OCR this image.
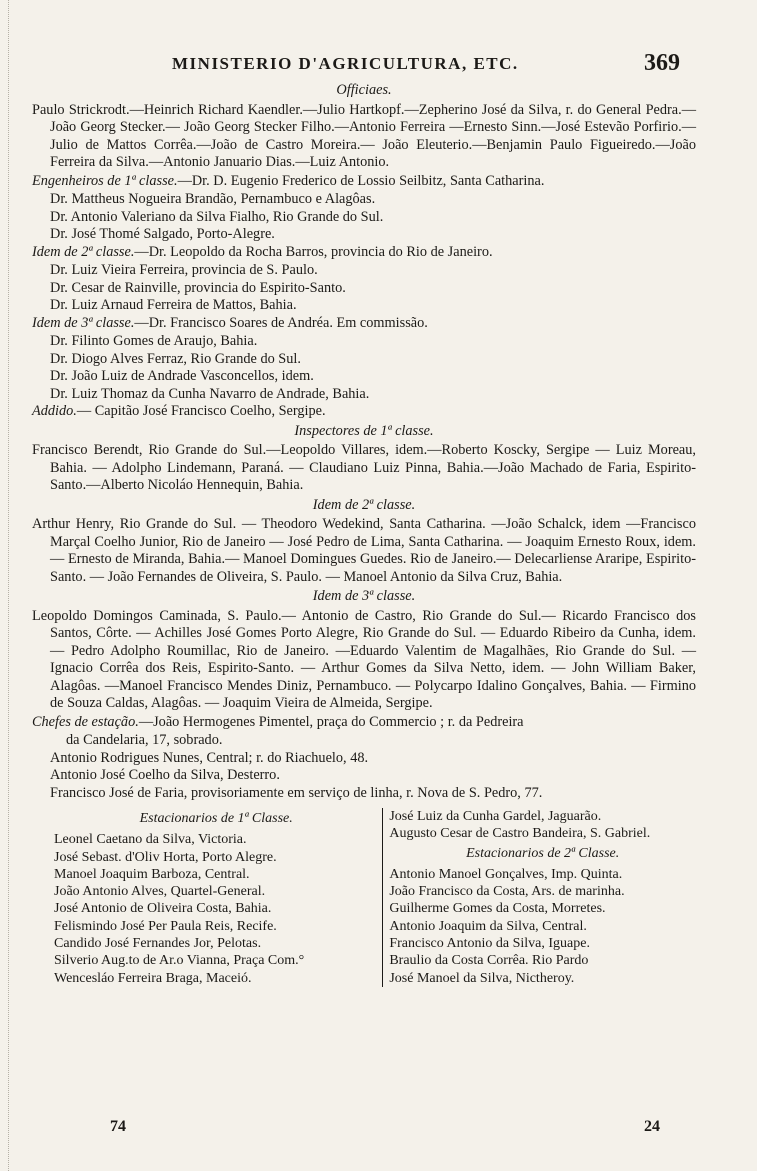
MINISTERIO D'AGRICULTURA, ETC.	369
Officiaes.

Paulo Strickrodt.—Heinrich Richard Kaendler.—Julio Hartkopf.—Zepherino José da Silva, r. do General Pedra.— João Georg Stecker.— João Georg Stecker Filho.—Antonio Ferreira —Ernesto Sinn.—José Estevão Porfirio.—Julio de Mattos Corrêa.—João de Castro Moreira.— João Eleuterio.—Benjamin Paulo Figueiredo.—João Ferreira da Silva.—Antonio Januario Dias.—Luiz Antonio.

Engenheiros de 1ª classe.—Dr. D. Eugenio Frederico de Lossio Seilbitz, Santa Catharina.

Dr. Mattheus Nogueira Brandão, Pernambuco e Alagôas.

Dr. Antonio Valeriano da Silva Fialho, Rio Grande do Sul.

Dr. José Thomé Salgado, Porto-Alegre.

Idem de 2ª classe.—Dr. Leopoldo da Rocha Barros, provincia do Rio de Janeiro.

Dr. Luiz Vieira Ferreira, provincia de S. Paulo.

Dr. Cesar de Rainville, provincia do Espirito-Santo.

Dr. Luiz Arnaud Ferreira de Mattos, Bahia.

Idem de 3ª classe.—Dr. Francisco Soares de Andréa. Em commissão.

Dr. Filinto Gomes de Araujo, Bahia.

Dr. Diogo Alves Ferraz, Rio Grande do Sul.

Dr. João Luiz de Andrade Vasconcellos, idem.

Dr. Luiz Thomaz da Cunha Navarro de Andrade, Bahia.

Addido.— Capitão José Francisco Coelho, Sergipe.

Inspectores de 1ª classe.

Francisco Berendt, Rio Grande do Sul.—Leopoldo Villares, idem.—Roberto Koscky, Sergipe — Luiz Moreau, Bahia. — Adolpho Lindemann, Paraná. — Claudiano Luiz Pinna, Bahia.—João Machado de Faria, Espirito-Santo.—Alberto Nicoláo Hennequin, Bahia.

Idem de 2ª classe.

Arthur Henry, Rio Grande do Sul. — Theodoro Wedekind, Santa Catharina. —João Schalck, idem —Francisco Marçal Coelho Junior, Rio de Janeiro — José Pedro de Lima, Santa Catharina. — Joaquim Ernesto Roux, idem. — Ernesto de Miranda, Bahia.— Manoel Domingues Guedes. Rio de Janeiro.— Delecarliense Araripe, Espirito-Santo. — João Fernandes de Oliveira, S. Paulo. — Manoel Antonio da Silva Cruz, Bahia.

Idem de 3ª classe.

Leopoldo Domingos Caminada, S. Paulo.— Antonio de Castro, Rio Grande do Sul.— Ricardo Francisco dos Santos, Côrte. — Achilles José Gomes Porto Alegre, Rio Grande do Sul. — Eduardo Ribeiro da Cunha, idem. — Pedro Adolpho Roumillac, Rio de Janeiro. —Eduardo Valentim de Magalhães, Rio Grande do Sul. — Ignacio Corrêa dos Reis, Espirito-Santo. — Arthur Gomes da Silva Netto, idem. — John William Baker, Alagôas. —Manoel Francisco Mendes Diniz, Pernambuco. — Polycarpo Idalino Gonçalves, Bahia. — Firmino de Souza Caldas, Alagôas. — Joaquim Vieira de Almeida, Sergipe.

Chefes de estação.—João Hermogenes Pimentel, praça do Commercio ; r. da Pedreira

da Candelaria, 17, sobrado.

Antonio Rodrigues Nunes, Central; r. do Riachuelo, 48.

Antonio José Coelho da Silva, Desterro.

Francisco José de Faria, provisoriamente em serviço de linha, r. Nova de S. Pedro, 77.

Estacionarios de 1ª Classe.
Leonel Caetano da Silva, Victoria.
José Sebast. d'Oliv Horta, Porto Alegre.
Manoel Joaquim Barboza, Central.
João Antonio Alves, Quartel-General.
José Antonio de Oliveira Costa, Bahia.
Felismindo José Per Paula Reis, Recife.
Candido José Fernandes Jor, Pelotas.
Silverio Aug.to de Ar.o Vianna, Praça Com.°
Wencesláo Ferreira Braga, Maceió.
José Luiz da Cunha Gardel, Jaguarão.
Augusto Cesar de Castro Bandeira, S. Gabriel.
Estacionarios de 2ª Classe.
Antonio Manoel Gonçalves, Imp. Quinta.
João Francisco da Costa, Ars. de marinha.
Guilherme Gomes da Costa, Morretes.
Antonio Joaquim da Silva, Central.
Francisco Antonio da Silva, Iguape.
Braulio da Costa Corrêa. Rio Pardo
José Manoel da Silva, Nictheroy.
74	24
